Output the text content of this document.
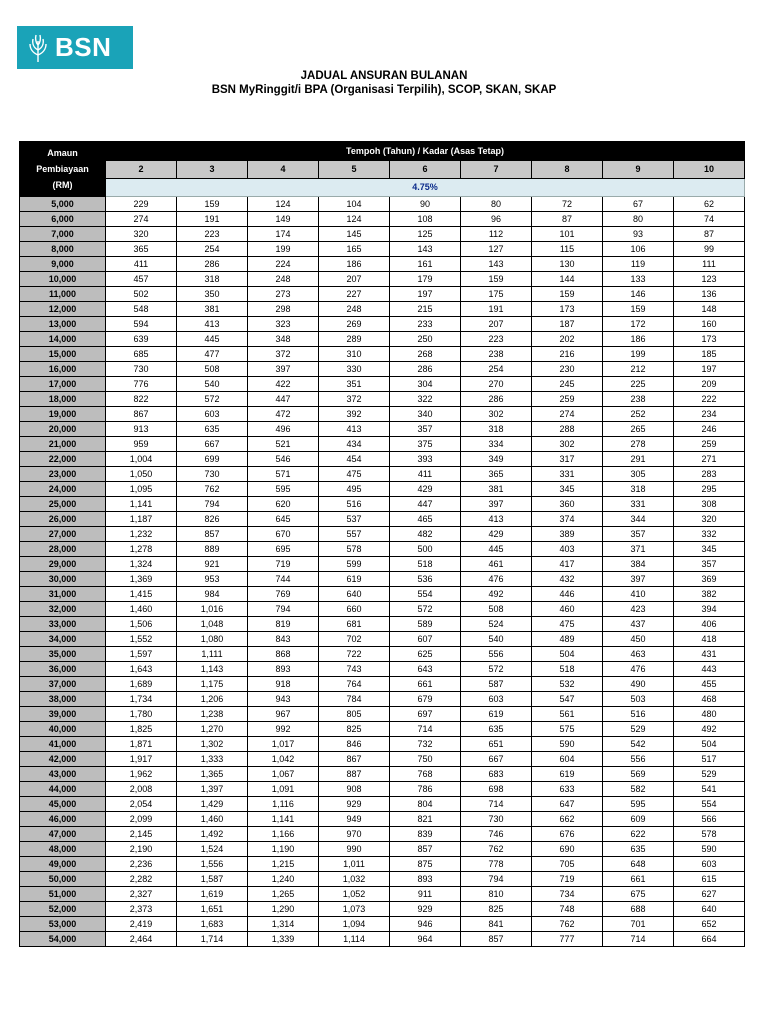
BSN
JADUAL ANSURAN BULANAN
BSN MyRinggit/i BPA (Organisasi Terpilih), SCOP, SKAN, SKAP
Amaun
Pembiayaan
(RM)	Tempoh (Tahun) / Kadar (Asas Tetap)								
	2	3	4	5	6	7	8	9	10
	4.75%								
5,000	229	159	124	104	90	80	72	67	62
6,000	274	191	149	124	108	96	87	80	74
7,000	320	223	174	145	125	112	101	93	87
8,000	365	254	199	165	143	127	115	106	99
9,000	411	286	224	186	161	143	130	119	111
10,000	457	318	248	207	179	159	144	133	123
11,000	502	350	273	227	197	175	159	146	136
12,000	548	381	298	248	215	191	173	159	148
13,000	594	413	323	269	233	207	187	172	160
14,000	639	445	348	289	250	223	202	186	173
15,000	685	477	372	310	268	238	216	199	185
16,000	730	508	397	330	286	254	230	212	197
17,000	776	540	422	351	304	270	245	225	209
18,000	822	572	447	372	322	286	259	238	222
19,000	867	603	472	392	340	302	274	252	234
20,000	913	635	496	413	357	318	288	265	246
21,000	959	667	521	434	375	334	302	278	259
22,000	1,004	699	546	454	393	349	317	291	271
23,000	1,050	730	571	475	411	365	331	305	283
24,000	1,095	762	595	495	429	381	345	318	295
25,000	1,141	794	620	516	447	397	360	331	308
26,000	1,187	826	645	537	465	413	374	344	320
27,000	1,232	857	670	557	482	429	389	357	332
28,000	1,278	889	695	578	500	445	403	371	345
29,000	1,324	921	719	599	518	461	417	384	357
30,000	1,369	953	744	619	536	476	432	397	369
31,000	1,415	984	769	640	554	492	446	410	382
32,000	1,460	1,016	794	660	572	508	460	423	394
33,000	1,506	1,048	819	681	589	524	475	437	406
34,000	1,552	1,080	843	702	607	540	489	450	418
35,000	1,597	1,111	868	722	625	556	504	463	431
36,000	1,643	1,143	893	743	643	572	518	476	443
37,000	1,689	1,175	918	764	661	587	532	490	455
38,000	1,734	1,206	943	784	679	603	547	503	468
39,000	1,780	1,238	967	805	697	619	561	516	480
40,000	1,825	1,270	992	825	714	635	575	529	492
41,000	1,871	1,302	1,017	846	732	651	590	542	504
42,000	1,917	1,333	1,042	867	750	667	604	556	517
43,000	1,962	1,365	1,067	887	768	683	619	569	529
44,000	2,008	1,397	1,091	908	786	698	633	582	541
45,000	2,054	1,429	1,116	929	804	714	647	595	554
46,000	2,099	1,460	1,141	949	821	730	662	609	566
47,000	2,145	1,492	1,166	970	839	746	676	622	578
48,000	2,190	1,524	1,190	990	857	762	690	635	590
49,000	2,236	1,556	1,215	1,011	875	778	705	648	603
50,000	2,282	1,587	1,240	1,032	893	794	719	661	615
51,000	2,327	1,619	1,265	1,052	911	810	734	675	627
52,000	2,373	1,651	1,290	1,073	929	825	748	688	640
53,000	2,419	1,683	1,314	1,094	946	841	762	701	652
54,000	2,464	1,714	1,339	1,114	964	857	777	714	664
